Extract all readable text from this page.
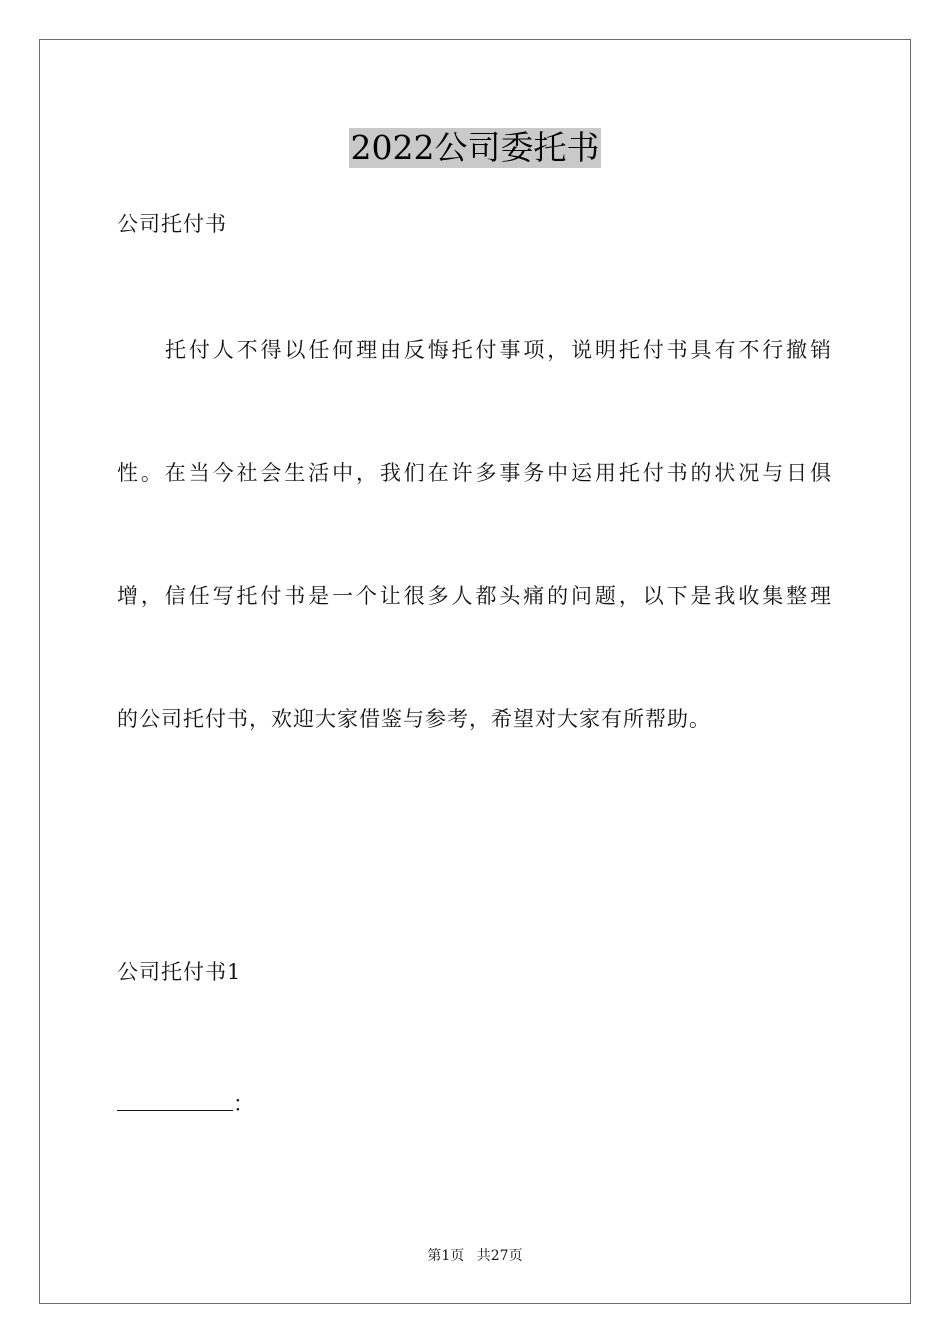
2022公司委托书
公司托付书
托付人不得以任何理由反悔托付事项，说明托付书具有不行撤销
性。在当今社会生活中，我们在许多事务中运用托付书的状况与日俱
增，信任写托付书是一个让很多人都头痛的问题，以下是我收集整理
的公司托付书，欢迎大家借鉴与参考，希望对大家有所帮助。
公司托付书1
：
第1页 共27页
